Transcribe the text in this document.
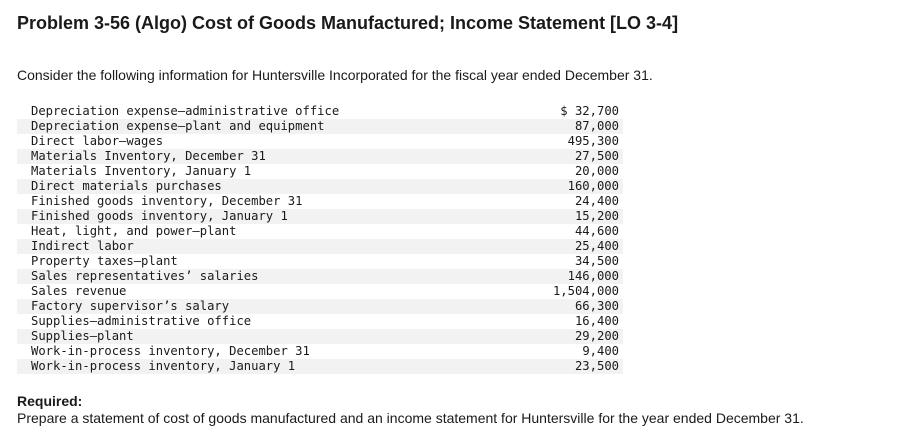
Problem 3-56 (Algo) Cost of Goods Manufactured; Income Statement [LO 3-4]
Consider the following information for Huntersville Incorporated for the fiscal year ended December 31.
Depreciation expense—administrative office	$ 32,700
Depreciation expense—plant and equipment	87,000
Direct labor—wages	495,300
Materials Inventory, December 31	27,500
Materials Inventory, January 1	20,000
Direct materials purchases	160,000
Finished goods inventory, December 31	24,400
Finished goods inventory, January 1	15,200
Heat, light, and power—plant	44,600
Indirect labor	25,400
Property taxes—plant	34,500
Sales representatives’ salaries	146,000
Sales revenue	1,504,000
Factory supervisor’s salary	66,300
Supplies—administrative office	16,400
Supplies—plant	29,200
Work-in-process inventory, December 31	9,400
Work-in-process inventory, January 1	23,500
Required:
Prepare a statement of cost of goods manufactured and an income statement for Huntersville for the year ended December 31.
